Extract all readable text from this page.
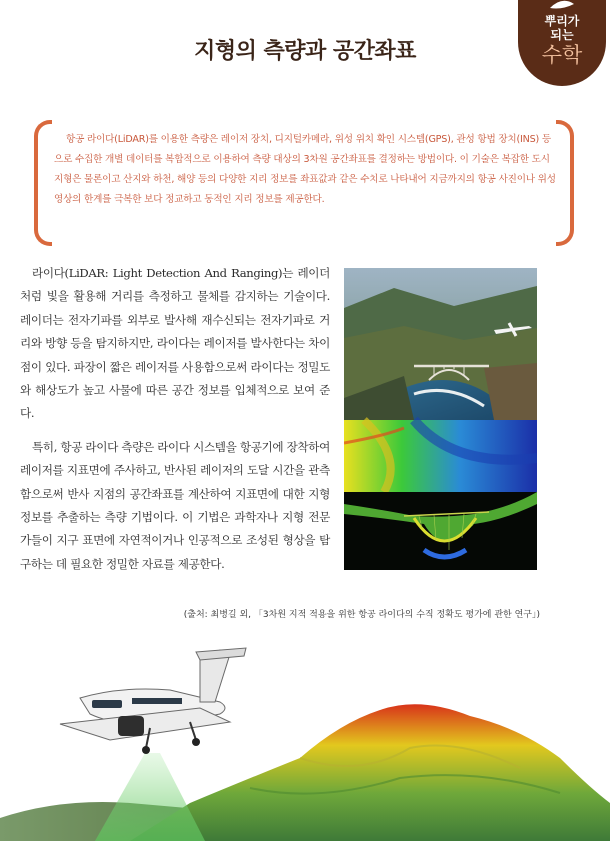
뿌리가
되는
수학
지형의 측량과 공간좌표

항공 라이다(LiDAR)를 이용한 측량은 레이저 장치, 디지털카메라, 위성 위치 확인 시스템(GPS), 관성 항법 장치(INS) 등으로 수집한 개별 데이터를 복합적으로 이용하여 측량 대상의 3차원 공간좌표를 결정하는 방법이다. 이 기술은 복잡한 도시 지형은 물론이고 산지와 하천, 해양 등의 다양한 지리 정보를 좌표값과 같은 수치로 나타내어 지금까지의 항공 사진이나 위성 영상의 한계를 극복한 보다 정교하고 동적인 지리 정보를 제공한다.

라이다(LiDAR: Light Detection And Ranging)는 레이더처럼 빛을 활용해 거리를 측정하고 물체를 감지하는 기술이다. 레이더는 전자기파를 외부로 발사해 재수신되는 전자기파로 거리와 방향 등을 탐지하지만, 라이다는 레이저를 발사한다는 차이점이 있다. 파장이 짧은 레이저를 사용함으로써 라이다는 정밀도와 해상도가 높고 사물에 따른 공간 정보를 입체적으로 보여 준다.

특히, 항공 라이다 측량은 라이다 시스템을 항공기에 장착하여 레이저를 지표면에 주사하고, 반사된 레이저의 도달 시간을 관측함으로써 반사 지점의 공간좌표를 계산하여 지표면에 대한 지형 정보를 추출하는 측량 기법이다. 이 기법은 과학자나 지형 전문가들이 지구 표면에 자연적이거나 인공적으로 조성된 형상을 탐구하는 데 필요한 정밀한 자료를 제공한다.

(출처: 최병길 외, 「3차원 지적 적용을 위한 항공 라이다의 수직 정확도 평가에 관한 연구」)
